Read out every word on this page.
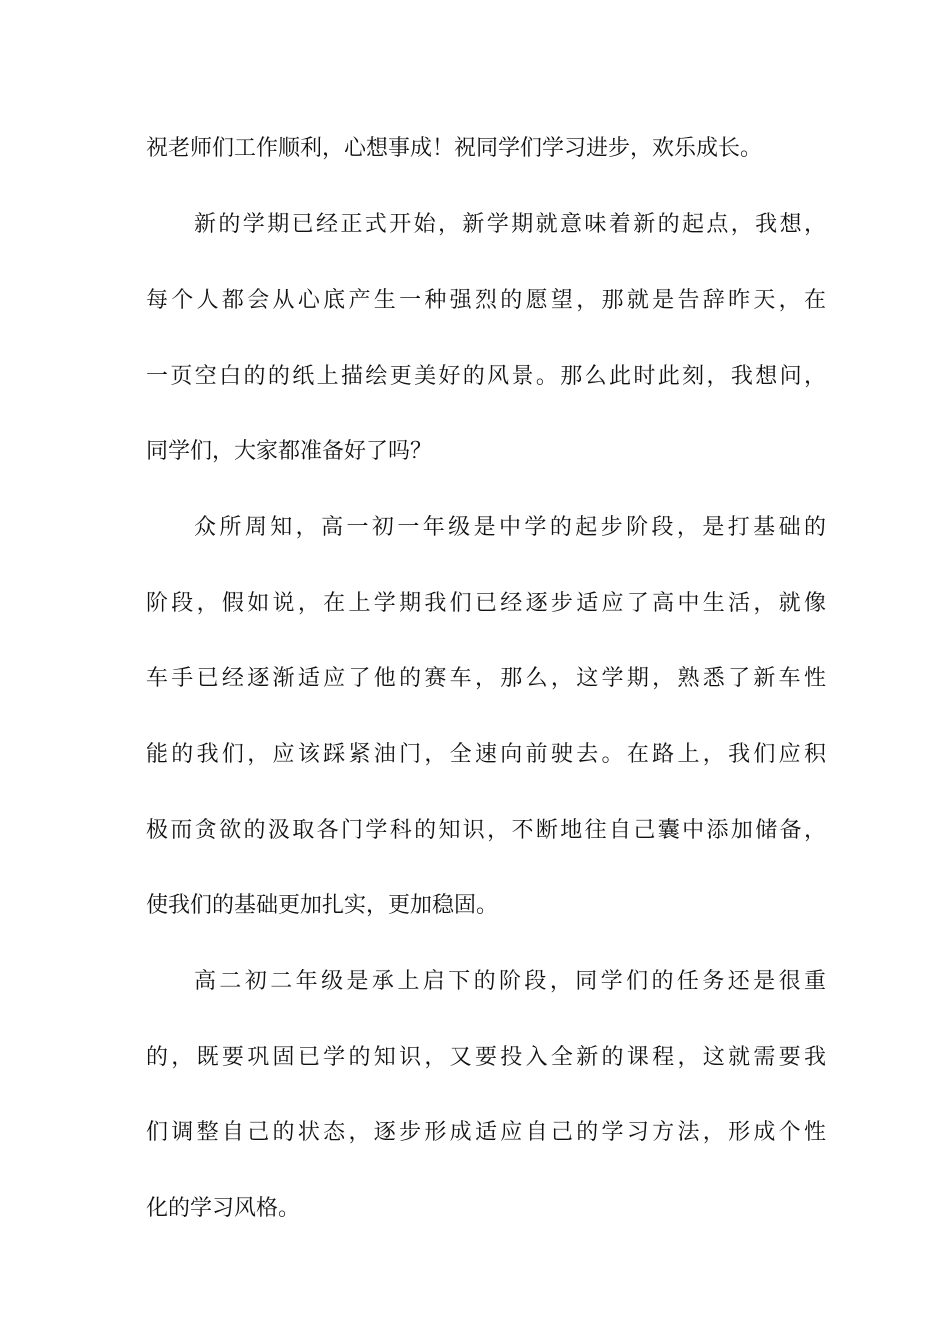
祝老师们工作顺利，心想事成！祝同学们学习进步，欢乐成长。
新的学期已经正式开始，新学期就意味着新的起点，我想，
每个人都会从心底产生一种强烈的愿望，那就是告辞昨天，在
一页空白的的纸上描绘更美好的风景。那么此时此刻，我想问，
同学们，大家都准备好了吗？
众所周知，高一初一年级是中学的起步阶段，是打基础的
阶段，假如说，在上学期我们已经逐步适应了高中生活，就像
车手已经逐渐适应了他的赛车，那么，这学期，熟悉了新车性
能的我们，应该踩紧油门，全速向前驶去。在路上，我们应积
极而贪欲的汲取各门学科的知识，不断地往自己囊中添加储备，
使我们的基础更加扎实，更加稳固。
高二初二年级是承上启下的阶段，同学们的任务还是很重
的，既要巩固已学的知识，又要投入全新的课程，这就需要我
们调整自己的状态，逐步形成适应自己的学习方法，形成个性
化的学习风格。
